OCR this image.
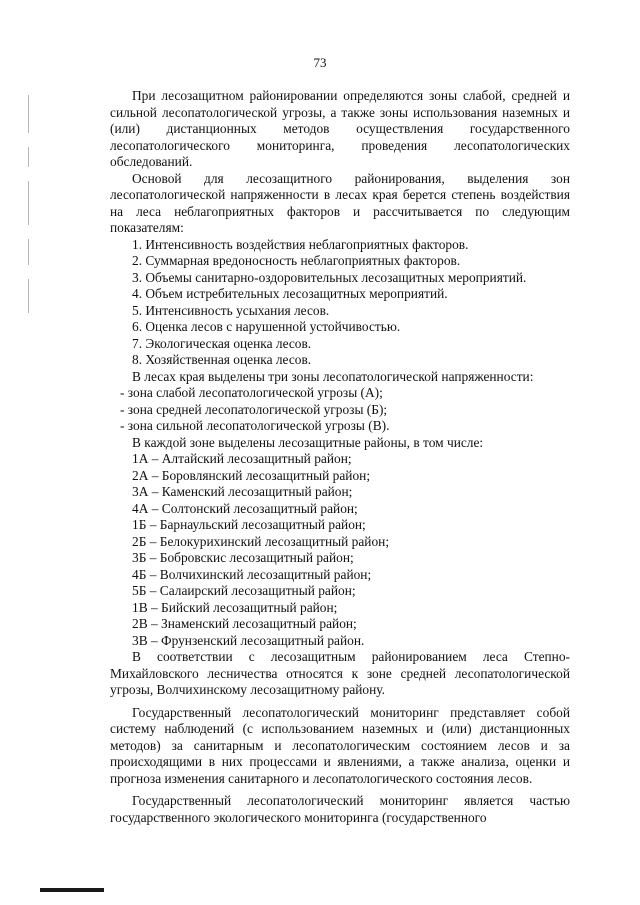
73

При лесозащитном районировании определяются зоны слабой, средней и сильной лесопатологической угрозы, а также зоны использования наземных и (или) дистанционных методов осуществления государственного лесопатологического мониторинга, проведения лесопатологических обследований.

Основой для лесозащитного районирования, выделения зон лесопатологической напряженности в лесах края берется степень воздействия на леса неблагоприятных факторов и рассчитывается по следующим показателям:

1. Интенсивность воздействия неблагоприятных факторов.

2. Суммарная вредоносность неблагоприятных факторов.

3. Объемы санитарно-оздоровительных лесозащитных мероприятий.

4. Объем истребительных лесозащитных мероприятий.

5. Интенсивность усыхания лесов.

6. Оценка лесов с нарушенной устойчивостью.

7. Экологическая оценка лесов.

8. Хозяйственная оценка лесов.

В лесах края выделены три зоны лесопатологической напряженности:

- зона слабой лесопатологической угрозы (А);

- зона средней лесопатологической угрозы (Б);

- зона сильной лесопатологической угрозы (В).

В каждой зоне выделены лесозащитные районы, в том числе:

1А – Алтайский лесозащитный район;

2А – Боровлянский лесозащитный район;

3А – Каменский лесозащитный район;

4А – Солтонский лесозащитный район;

1Б – Барнаульский лесозащитный район;

2Б – Белокурихинский лесозащитный район;

3Б – Бобровскис лесозащитный район;

4Б – Волчихинский лесозащитный район;

5Б – Салаирский лесозащитный район;

1В – Бийский лесозащитный район;

2В – Знаменский лесозащитный район;

3В – Фрунзенский лесозащитный район.

В соответствии с лесозащитным районированием леса Степно-Михайловского лесничества относятся к зоне средней лесопатологической угрозы, Волчихинскому лесозащитному району.

Государственный лесопатологический мониторинг представляет собой систему наблюдений (с использованием наземных и (или) дистанционных методов) за санитарным и лесопатологическим состоянием лесов и за происходящими в них процессами и явлениями, а также анализа, оценки и прогноза изменения санитарного и лесопатологического состояния лесов.

Государственный лесопатологический мониторинг является частью государственного экологического мониторинга (государственного
